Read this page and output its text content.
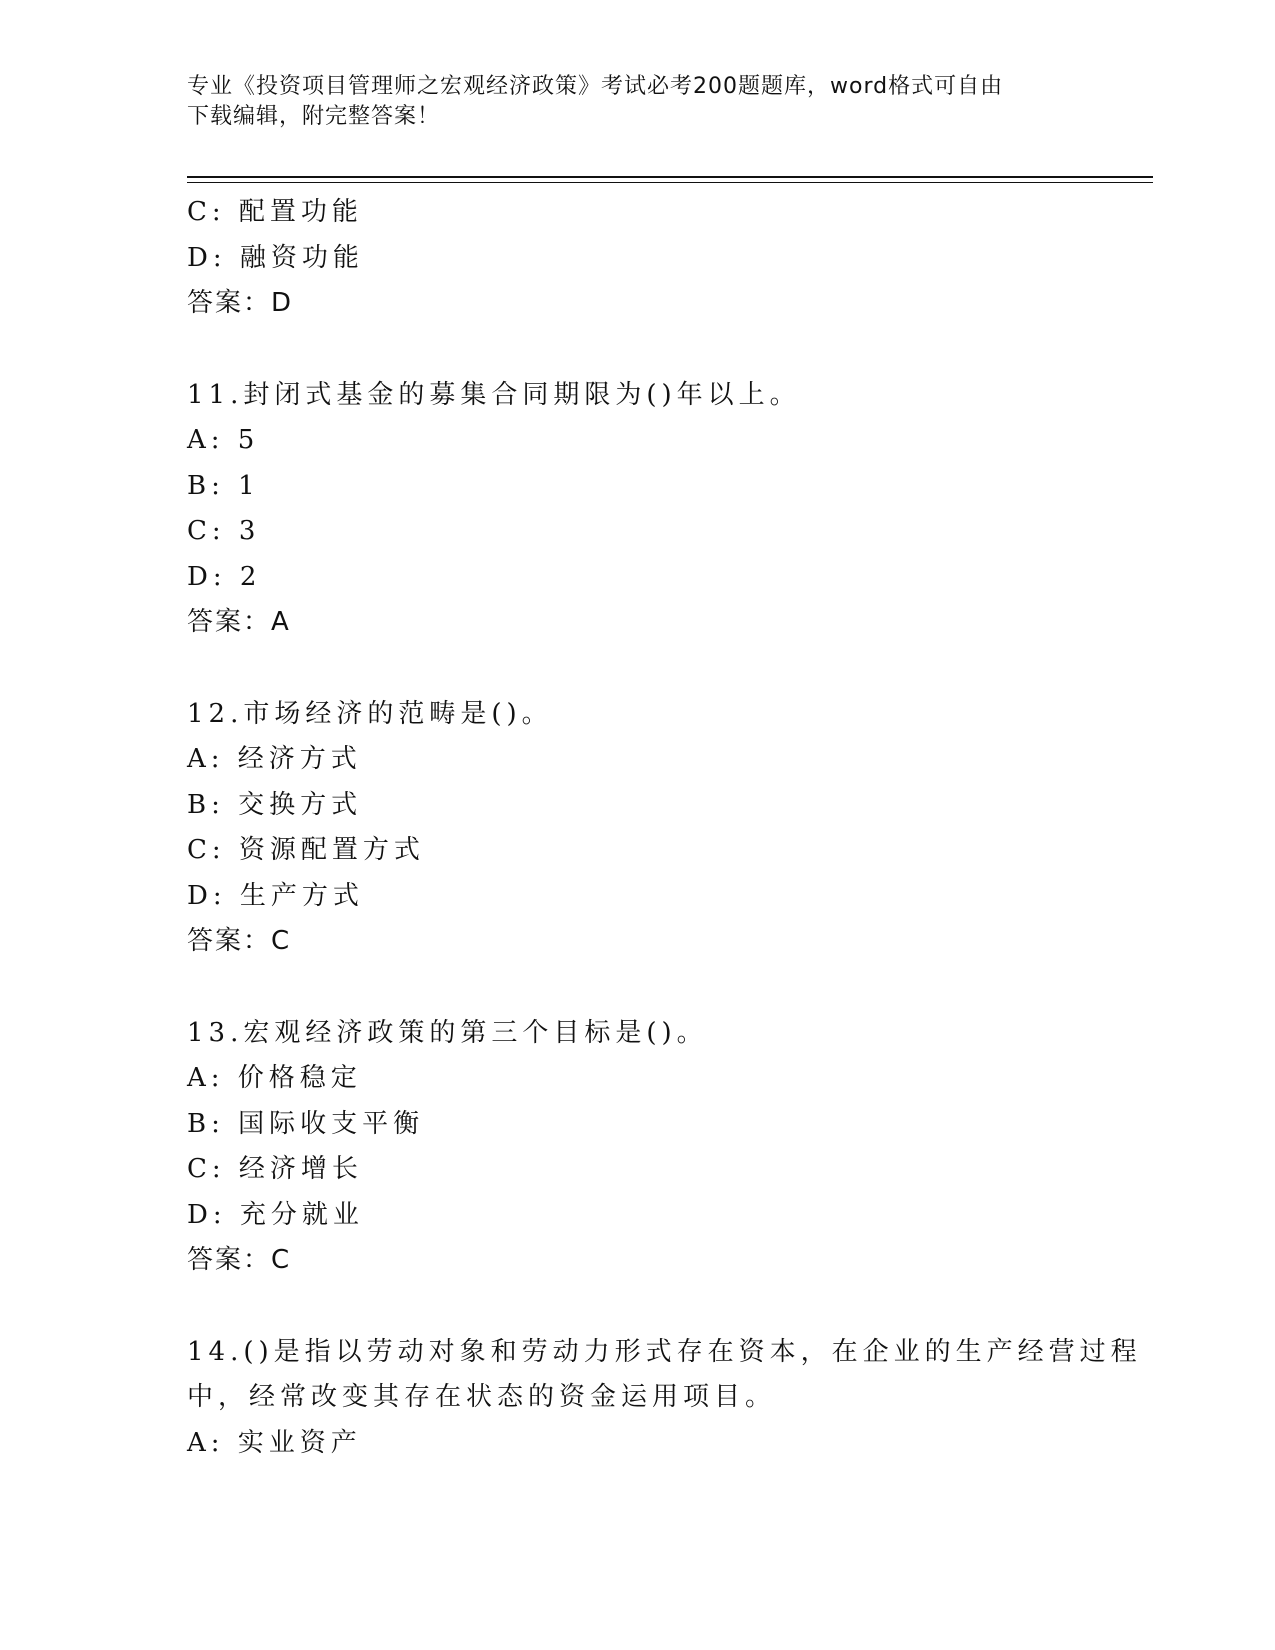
专业《投资项目管理师之宏观经济政策》考试必考200题题库，word格式可自由
下载编辑，附完整答案！
C: 配置功能
D: 融资功能
答案：D
11.封闭式基金的募集合同期限为()年以上。
A: 5
B: 1
C: 3
D: 2
答案：A
12.市场经济的范畴是()。
A: 经济方式
B: 交换方式
C: 资源配置方式
D: 生产方式
答案：C
13.宏观经济政策的第三个目标是()。
A: 价格稳定
B: 国际收支平衡
C: 经济增长
D: 充分就业
答案：C
14.()是指以劳动对象和劳动力形式存在资本，在企业的生产经营过程
中，经常改变其存在状态的资金运用项目。
A: 实业资产
